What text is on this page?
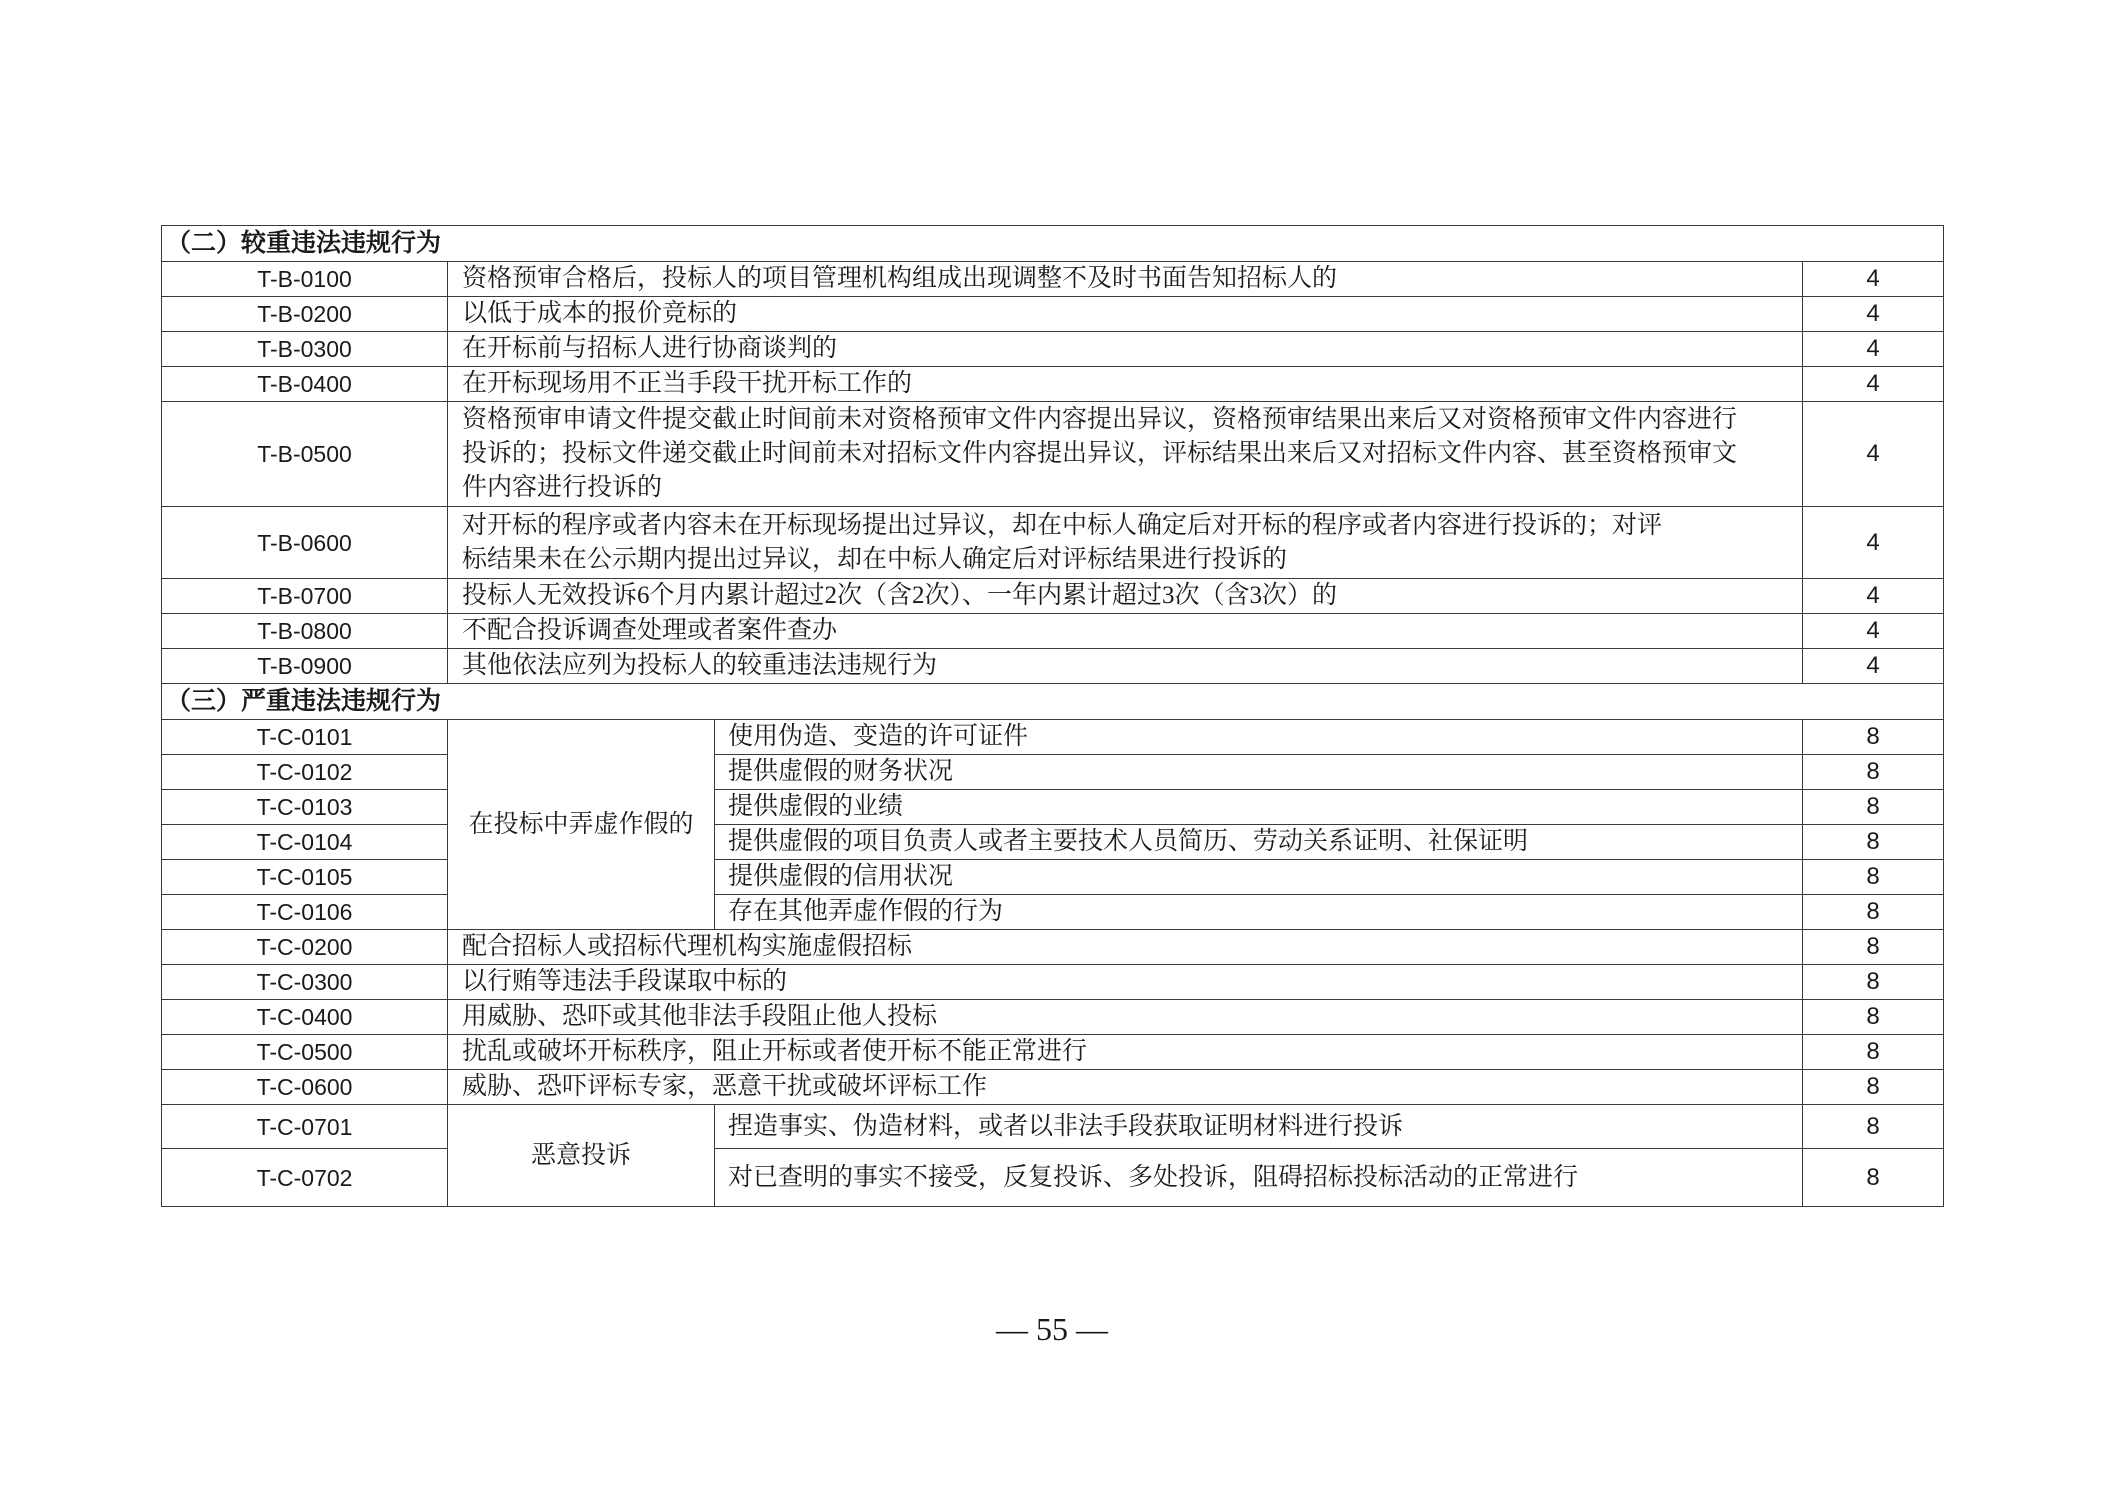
（二）较重违法违规行为			
T-B-0100	资格预审合格后，投标人的项目管理机构组成出现调整不及时书面告知招标人的		4
T-B-0200	以低于成本的报价竞标的		4
T-B-0300	在开标前与招标人进行协商谈判的		4
T-B-0400	在开标现场用不正当手段干扰开标工作的		4
T-B-0500	资格预审申请文件提交截止时间前未对资格预审文件内容提出异议，资格预审结果出来后又对资格预审文件内容进行
投诉的；投标文件递交截止时间前未对招标文件内容提出异议，评标结果出来后又对招标文件内容、甚至资格预审文
件内容进行投诉的		4
T-B-0600	对开标的程序或者内容未在开标现场提出过异议，却在中标人确定后对开标的程序或者内容进行投诉的；对评
标结果未在公示期内提出过异议，却在中标人确定后对评标结果进行投诉的		4
T-B-0700	投标人无效投诉6个月内累计超过2次（含2次）、一年内累计超过3次（含3次）的		4
T-B-0800	不配合投诉调查处理或者案件查办		4
T-B-0900	其他依法应列为投标人的较重违法违规行为		4
（三）严重违法违规行为			
T-C-0101	在投标中弄虚作假的	使用伪造、变造的许可证件	8
T-C-0102		提供虚假的财务状况	8
T-C-0103		提供虚假的业绩	8
T-C-0104		提供虚假的项目负责人或者主要技术人员简历、劳动关系证明、社保证明	8
T-C-0105		提供虚假的信用状况	8
T-C-0106		存在其他弄虚作假的行为	8
T-C-0200	配合招标人或招标代理机构实施虚假招标		8
T-C-0300	以行贿等违法手段谋取中标的		8
T-C-0400	用威胁、恐吓或其他非法手段阻止他人投标		8
T-C-0500	扰乱或破坏开标秩序，阻止开标或者使开标不能正常进行		8
T-C-0600	威胁、恐吓评标专家，恶意干扰或破坏评标工作		8
T-C-0701	恶意投诉	捏造事实、伪造材料，或者以非法手段获取证明材料进行投诉	8
T-C-0702		对已查明的事实不接受，反复投诉、多处投诉，阻碍招标投标活动的正常进行	8
— 55 —
